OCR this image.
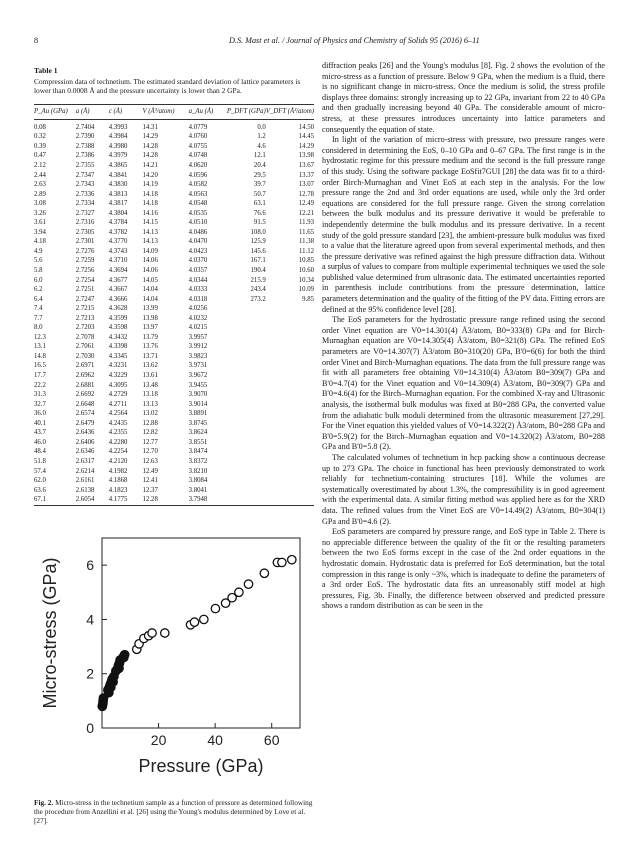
8	D.S. Mast et al. / Journal of Physics and Chemistry of Solids 95 (2016) 6–11
Table 1
Compression data of technetium. The estimated standard deviation of lattice parameters is lower than 0.0008 Å and the pressure uncertainty is lower than 2 GPa.
P_Au (GPa)	a (Å)	c (Å)	V (Å³/atom)	a_Au (Å)	P_DFT (GPa)	V_DFT (Å³/atom)
0.08	2.7404	4.3993	14.31	4.0779	0.0	14.50
0.32	2.7390	4.3984	14.29	4.0760	1.2	14.45
0.39	2.7388	4.3980	14.28	4.0755	4.6	14.29
0.47	2.7386	4.3979	14.28	4.0748	12.1	13.98
2.12	2.7355	4.3865	14.21	4.0620	20.4	13.67
2.44	2.7347	4.3841	14.20	4.0596	29.5	13.37
2.63	2.7343	4.3830	14.19	4.0582	39.7	13.07
2.89	2.7336	4.3813	14.18	4.0563	50.7	12.78
3.08	2.7334	4.3817	14.18	4.0548	63.1	12.49
3.26	2.7327	4.3804	14.16	4.0535	76.6	12.21
3.61	2.7316	4.3784	14.15	4.0510	91.5	11.93
3.94	2.7305	4.3782	14.13	4.0486	108.0	11.65
4.18	2.7301	4.3770	14.13	4.0470	125.9	11.38
4.9	2.7276	4.3743	14.09	4.0423	145.6	11.12
5.6	2.7259	4.3710	14.06	4.0370	167.1	10.85
5.8	2.7256	4.3694	14.06	4.0357	190.4	10.60
6.0	2.7254	4.3677	14.05	4.0344	215.9	10.34
6.2	2.7251	4.3667	14.04	4.0333	243.4	10.09
6.4	2.7247	4.3666	14.04	4.0318	273.2	9.85
7.4	2.7215	4.3628	13.99	4.0256		
7.7	2.7213	4.3599	13.98	4.0232		
8.0	2.7203	4.3598	13.97	4.0215		
12.3	2.7078	4.3432	13.79	3.9957		
13.1	2.7061	4.3398	13.76	3.9912		
14.8	2.7030	4.3345	13.71	3.9823		
16.5	2.6971	4.3231	13.62	3.9731		
17.7	2.6962	4.3229	13.61	3.9672		
22.2	2.6881	4.3095	13.48	3.9455		
31.3	2.6692	4.2729	13.18	3.9070		
32.7	2.6648	4.2711	13.13	3.9014		
36.0	2.6574	4.2564	13.02	3.8891		
40.1	2.6479	4.2435	12.88	3.8745		
43.7	2.6436	4.2355	12.82	3.8624		
46.0	2.6406	4.2280	12.77	3.8551		
48.4	2.6346	4.2254	12.70	3.8474		
51.8	2.6317	4.2120	12.63	3.8372		
57.4	2.6214	4.1982	12.49	3.8210		
62.0	2.6161	4.1868	12.41	3.8084		
63.6	2.6138	4.1823	12.37	3.8041		
67.1	2.6054	4.1775	12.28	3.7948		
20	40	60
0
2
4
6
Pressure (GPa)
Micro-stress (GPa)
Fig. 2. Micro-stress in the technetium sample as a function of pressure as determined following the procedure from Anzellini et al. [26] using the Young's modulus determined by Love et al. [27].

diffraction peaks [26] and the Young's modulus [8]. Fig. 2 shows the evolution of the micro-stress as a function of pressure. Below 9 GPa, when the medium is a fluid, there is no significant change in micro-stress. Once the medium is solid, the stress profile displays three domains: strongly increasing up to 22 GPa, invariant from 22 to 40 GPa and then gradually increasing beyond 40 GPa. The considerable amount of micro-stress, at these pressures introduces uncertainty into lattice parameters and consequently the equation of state.

In light of the variation of micro-stress with pressure, two pressure ranges were considered in determining the EoS, 0–10 GPa and 0–67 GPa. The first range is in the hydrostatic regime for this pressure medium and the second is the full pressure range of this study. Using the software package EoSfit7GUI [28] the data was fit to a third-order Birch-Murnaghan and Vinet EoS at each step in the analysis. For the low pressure range the 2nd and 3rd order equations are used, while only the 3rd order equations are considered for the full pressure range. Given the strong correlation between the bulk modulus and its pressure derivative it would be preferable to independently determine the bulk modulus and its pressure derivative. In a recent study of the gold pressure standard [23], the ambient-pressure bulk modulus was fixed to a value that the literature agreed upon from several experimental methods, and then the pressure derivative was refined against the high pressure diffraction data. Without a surplus of values to compare from multiple experimental techniques we used the sole published value determined from ultrasonic data. The estimated uncertainties reported in parenthesis include contributions from the pressure determination, lattice parameters determination and the quality of the fitting of the PV data. Fitting errors are defined at the 95% confidence level [28].

The EoS parameters for the hydrostatic pressure range refined using the second order Vinet equation are V0=14.301(4) Å3/atom, B0=333(8) GPa and for Birch-Murnaghan equation are V0=14.305(4) Å3/atom, B0=321(8) GPa. The refined EoS parameters are V0=14.307(7) Å3/atom B0=310(20) GPa, B'0=6(6) for both the third order Vinet and Birch-Murnaghan equations. The data from the full pressure range was fit with all parameters free obtaining V0=14.310(4) Å3/atom B0=309(7) GPa and B'0=4.7(4) for the Vinet equation and V0=14.309(4) Å3/atom, B0=309(7) GPa and B'0=4.6(4) for the Birch–Murnaghan equation. For the combined X-ray and Ultrasonic analysis, the isothermal bulk modulus was fixed at B0=288 GPa, the converted value from the adiabatic bulk moduli determined from the ultrasonic measurement [27,29]. For the Vinet equation this yielded values of V0=14.322(2) Å3/atom, B0=288 GPa and B'0=5.9(2) for the Birch–Murnaghan equation and V0=14.320(2) Å3/atom, B0=288 GPa and B'0=5.8 (2).

The calculated volumes of technetium in hcp packing show a continuous decrease up to 273 GPa. The choice in functional has been previously demonstrated to work reliably for technetium-containing structures [18]. While the volumes are systematically overestimated by about 1.3%, the compressibility is in good agreement with the experimental data. A similar fitting method was applied here as for the XRD data. The refined values from the Vinet EoS are V0=14.49(2) Å3/atom, B0=304(1) GPa and B'0=4.6 (2).

EoS parameters are compared by pressure range, and EoS type in Table 2. There is no appreciable difference between the quality of the fit or the resulting parameters between the two EoS forms except in the case of the 2nd order equations in the hydrostatic domain. Hydrostatic data is preferred for EoS determination, but the total compression in this range is only ~3%, which is inadequate to define the parameters of a 3rd order EoS. The hydrostatic data fits an unreasonably stiff model at high pressures, Fig. 3b. Finally, the difference between observed and predicted pressure shows a random distribution as can be seen in the
